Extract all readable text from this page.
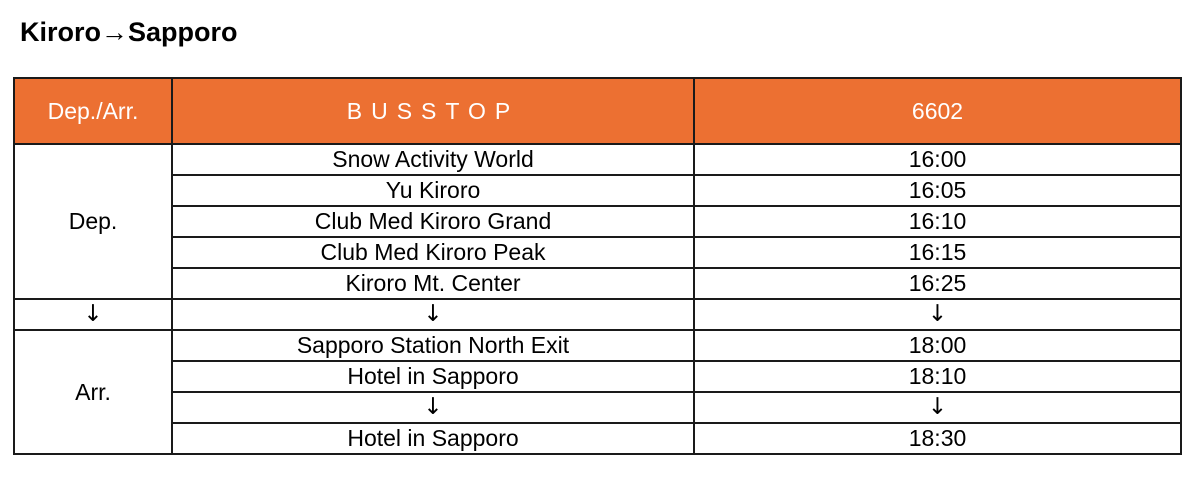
Kiroro→Sapporo
Dep./Arr.	BUSSTOP	6602
Dep.	Snow Activity World	16:00
	Yu Kiroro	16:05
	Club Med Kiroro Grand	16:10
	Club Med Kiroro Peak	16:15
	Kiroro Mt. Center	16:25
↓	↓	↓
Arr.	Sapporo Station North Exit	18:00
	Hotel in Sapporo	18:10
	↓	↓
	Hotel in Sapporo	18:30
